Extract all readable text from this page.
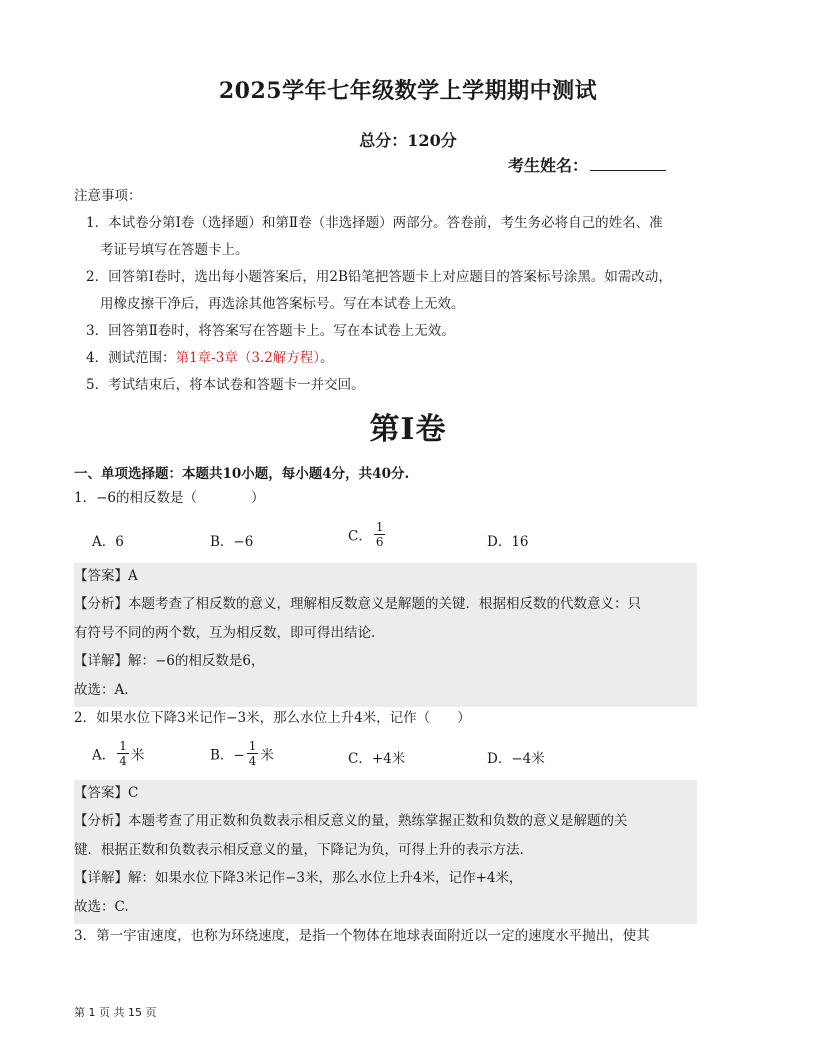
2025学年七年级数学上学期期中测试
总分：120分
考生姓名：
注意事项：
1．本试卷分第Ⅰ卷（选择题）和第Ⅱ卷（非选择题）两部分。答卷前，考生务必将自己的姓名、准
考证号填写在答题卡上。
2．回答第Ⅰ卷时，选出每小题答案后，用2B铅笔把答题卡上对应题目的答案标号涂黑。如需改动，
用橡皮擦干净后，再选涂其他答案标号。写在本试卷上无效。
3．回答第Ⅱ卷时，将答案写在答题卡上。写在本试卷上无效。
4．测试范围：第1章-3章（3.2解方程）。
5．考试结束后，将本试卷和答题卡一并交回。
第Ⅰ卷
一、单项选择题：本题共10小题，每小题4分，共40分.
1．−6的相反数是（　　　　）
A．6	B．−6	C． $\frac{1}{6}$	D．16
【答案】A
【分析】本题考查了相反数的意义，理解相反数意义是解题的关键．根据相反数的代数意义：只
有符号不同的两个数，互为相反数，即可得出结论.
【详解】解：−6的相反数是6，
故选：A.
2．如果水位下降3米记作−3米，那么水位上升4米，记作（　　）
A． $\frac{1}{4}$ 米	B．− $\frac{1}{4}$ 米	C．+4米	D．−4米
【答案】C
【分析】本题考查了用正数和负数表示相反意义的量，熟练掌握正数和负数的意义是解题的关
键．根据正数和负数表示相反意义的量，下降记为负，可得上升的表示方法.
【详解】解：如果水位下降3米记作−3米，那么水位上升4米，记作+4米，
故选：C.
3．第一宇宙速度，也称为环绕速度，是指一个物体在地球表面附近以一定的速度水平抛出，使其
第 1 页 共 15 页
